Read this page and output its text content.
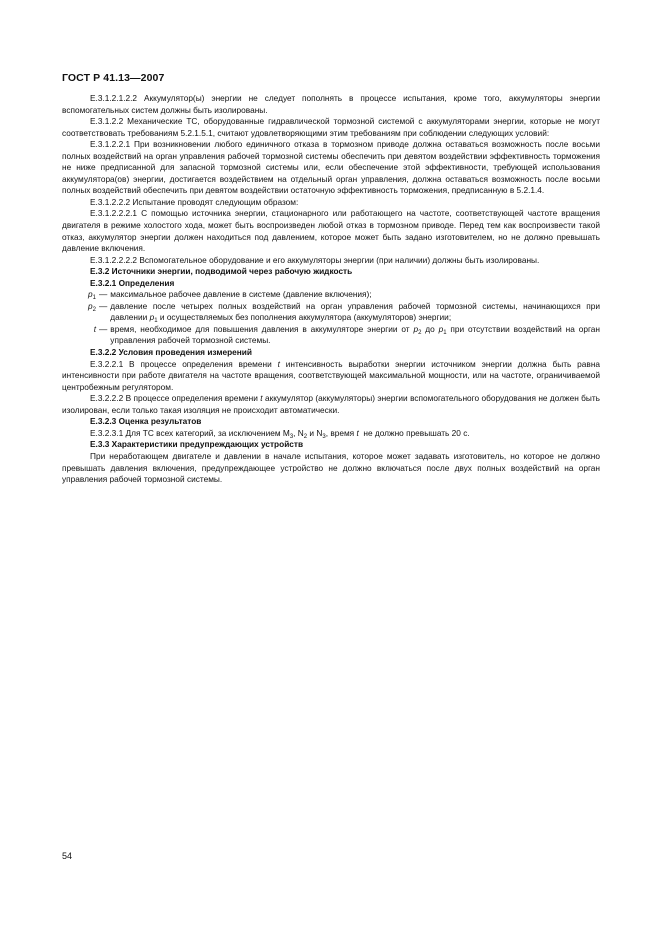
ГОСТ Р 41.13—2007

Е.3.1.2.1.2.2 Аккумулятор(ы) энергии не следует пополнять в процессе испытания, кроме того, аккумуляторы энергии вспомогательных систем должны быть изолированы.

Е.3.1.2.2 Механические ТС, оборудованные гидравлической тормозной системой с аккумуляторами энергии, которые не могут соответствовать требованиям 5.2.1.5.1, считают удовлетворяющими этим требованиям при соблюдении следующих условий:

Е.3.1.2.2.1 При возникновении любого единичного отказа в тормозном приводе должна оставаться возможность после восьми полных воздействий на орган управления рабочей тормозной системы обеспечить при девятом воздействии эффективность торможения не ниже предписанной для запасной тормозной системы или, если обеспечение этой эффективности, требующей использования аккумулятора(ов) энергии, достигается воздействием на отдельный орган управления, должна оставаться возможность после восьми полных воздействий обеспечить при девятом воздействии остаточную эффективность торможения, предписанную в 5.2.1.4.

Е.3.1.2.2.2 Испытание проводят следующим образом:

Е.3.1.2.2.2.1 С помощью источника энергии, стационарного или работающего на частоте, соответствующей частоте вращения двигателя в режиме холостого хода, может быть воспроизведен любой отказ в тормозном приводе. Перед тем как воспроизвести такой отказ, аккумулятор энергии должен находиться под давлением, которое может быть задано изготовителем, но не должно превышать давление включения.

Е.3.1.2.2.2.2 Вспомогательное оборудование и его аккумуляторы энергии (при наличии) должны быть изолированы.

Е.3.2 Источники энергии, подводимой через рабочую жидкость

Е.3.2.1 Определения

$p_1$ — максимальное рабочее давление в системе (давление включения);
$p_2$ — давление после четырех полных воздействий на орган управления рабочей тормозной системы, начинающихся при давлении $p_1$ и осуществляемых без пополнения аккумулятора (аккумуляторов) энергии;
t — время, необходимое для повышения давления в аккумуляторе энергии от $p_2$ до $p_1$ при отсутствии воздействий на орган управления рабочей тормозной системы.

Е.3.2.2 Условия проведения измерений

Е.3.2.2.1 В процессе определения времени t интенсивность выработки энергии источником энергии должна быть равна интенсивности при работе двигателя на частоте вращения, соответствующей максимальной мощности, или на частоте, ограничиваемой центробежным регулятором.

Е.3.2.2.2 В процессе определения времени t аккумулятор (аккумуляторы) энергии вспомогательного оборудования не должен быть изолирован, если только такая изоляция не происходит автоматически.

Е.3.2.3 Оценка результатов

Е.3.2.3.1 Для ТС всех категорий, за исключением $М_3$, $N_2$ и $N_3$, время t не должно превышать 20 с.

Е.3.3 Характеристики предупреждающих устройств

При неработающем двигателе и давлении в начале испытания, которое может задавать изготовитель, но которое не должно превышать давления включения, предупреждающее устройство не должно включаться после двух полных воздействий на орган управления рабочей тормозной системы.

54
